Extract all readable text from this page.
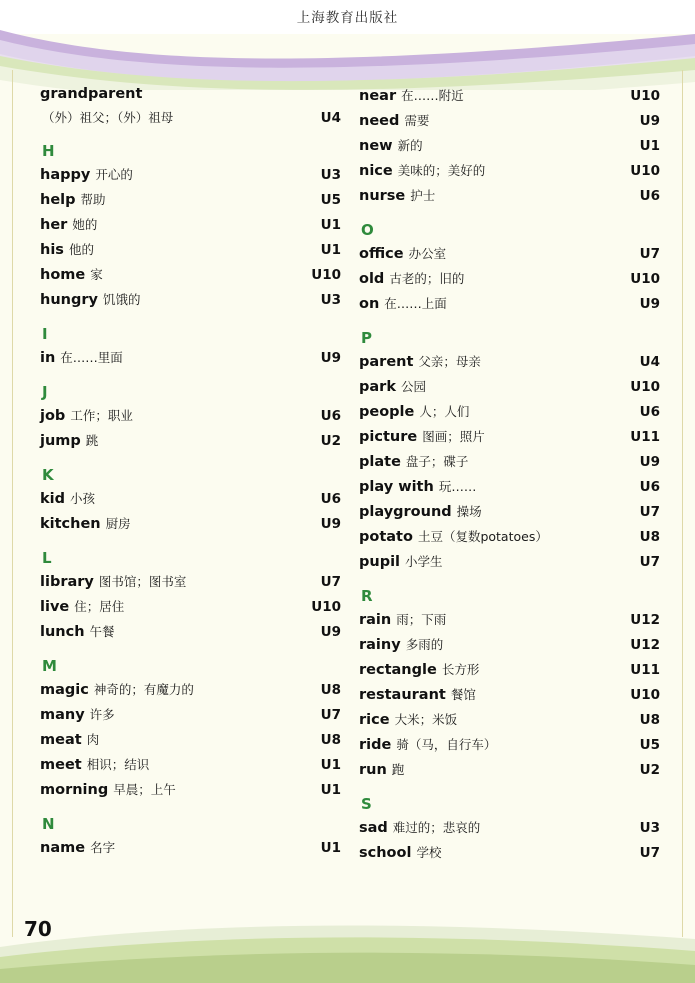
上海教育出版社
grandparent
（外）祖父；（外）祖母	U4
H
happy 开心的	U3
help 帮助	U5
her 她的	U1
his 他的	U1
home 家	U10
hungry 饥饿的	U3
I
in 在……里面	U9
J
job 工作；职业	U6
jump 跳	U2
K
kid 小孩	U6
kitchen 厨房	U9
L
library 图书馆；图书室	U7
live 住；居住	U10
lunch 午餐	U9
M
magic 神奇的；有魔力的	U8
many 许多	U7
meat 肉	U8
meet 相识；结识	U1
morning 早晨；上午	U1
N
name 名字	U1
near 在……附近	U10
need 需要	U9
new 新的	U1
nice 美味的；美好的	U10
nurse 护士	U6
O
office 办公室	U7
old 古老的；旧的	U10
on 在……上面	U9
P
parent 父亲；母亲	U4
park 公园	U10
people 人；人们	U6
picture 图画；照片	U11
plate 盘子；碟子	U9
play with 玩……	U6
playground 操场	U7
potato 土豆（复数potatoes）	U8
pupil 小学生	U7
R
rain 雨；下雨	U12
rainy 多雨的	U12
rectangle 长方形	U11
restaurant 餐馆	U10
rice 大米；米饭	U8
ride 骑（马，自行车）	U5
run 跑	U2
S
sad 难过的；悲哀的	U3
school 学校	U7
70
